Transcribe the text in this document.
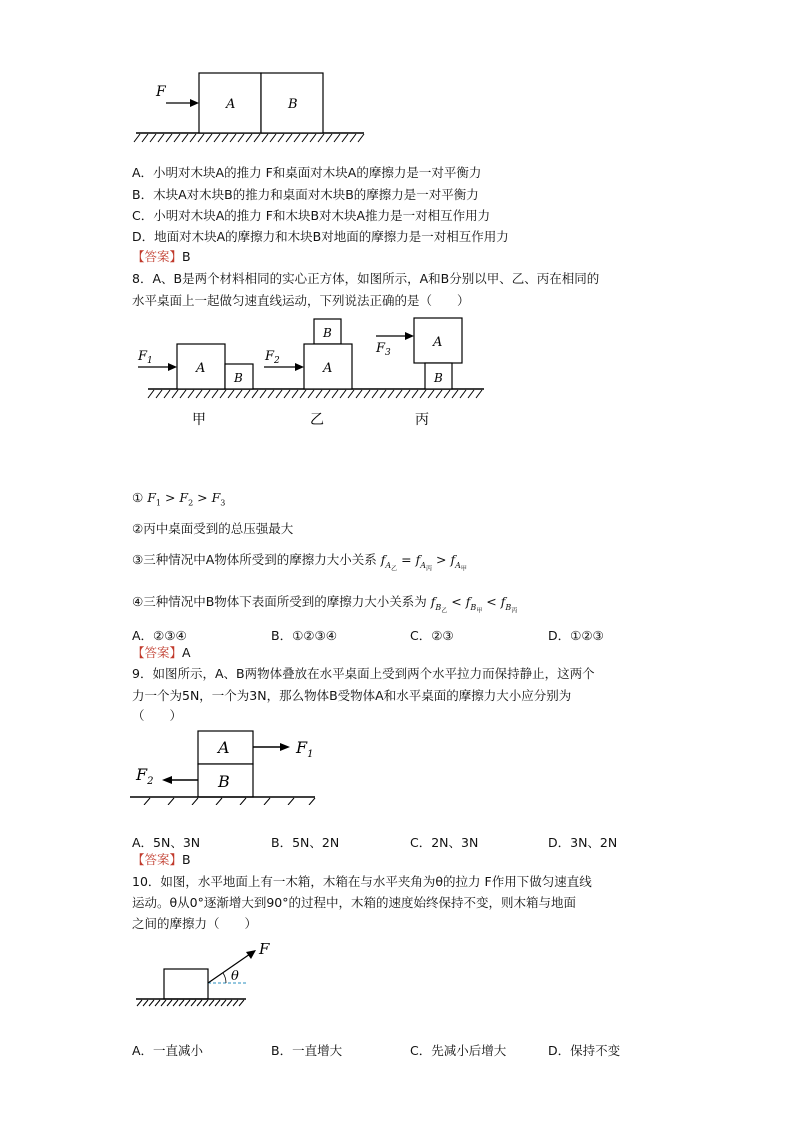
F
A	B
A．小明对木块A的推力 F和桌面对木块A的摩擦力是一对平衡力
B．木块A对木块B的推力和桌面对木块B的摩擦力是一对平衡力
C．小明对木块A的推力 F和木块B对木块A推力是一对相互作用力
D．地面对木块A的摩擦力和木块B对地面的摩擦力是一对相互作用力
【答案】B
8．A、B是两个材料相同的实心正方体，如图所示，A和B分别以甲、乙、丙在相同的
水平桌面上一起做匀速直线运动，下列说法正确的是（　　）
$F_1$	A
B
$F_2$
B
A
$F_3$
A
B
甲	乙	丙
① $F_1 > F_2 > F_3$
②丙中桌面受到的总压强最大
③三种情况中A物体所受到的摩擦力大小关系 $f_{A_乙} = f_{A_丙} > f_{A_甲}$
④三种情况中B物体下表面所受到的摩擦力大小关系为 $f_{B_乙} < f_{B_甲} < f_{B_丙}$
A．②③④	B．①②③④	C．②③	D．①②③
【答案】A
9．如图所示，A、B两物体叠放在水平桌面上受到两个水平拉力而保持静止，这两个
力一个为5N，一个为3N，那么物体B受物体A和水平桌面的摩擦力大小应分别为
（　　）
A
B
$F_1$
$F_2$
A．5N、3N	B．5N、2N	C．2N、3N	D．3N、2N
【答案】B
10．如图，水平地面上有一木箱，木箱在与水平夹角为θ的拉力 F作用下做匀速直线
运动。θ从0°逐渐增大到90°的过程中，木箱的速度始终保持不变，则木箱与地面
之间的摩擦力（　　）
F
θ
A．一直减小	B．一直增大	C．先减小后增大	D．保持不变
